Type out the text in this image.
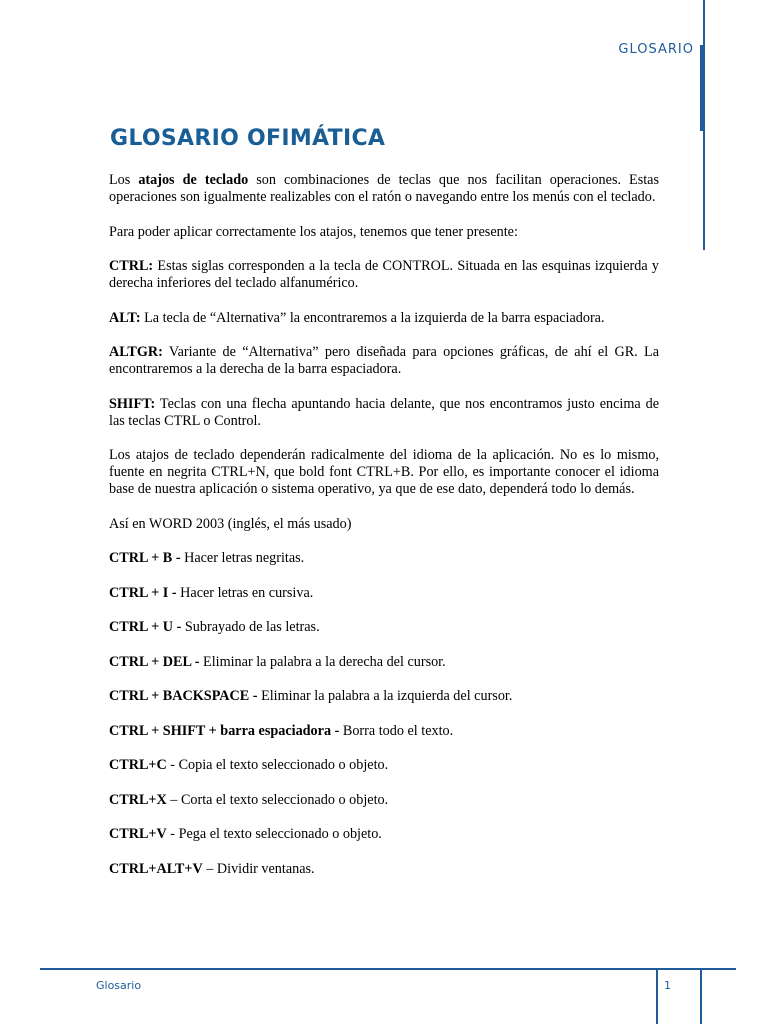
GLOSARIO
GLOSARIO OFIMÁTICA

Los atajos de teclado son combinaciones de teclas que nos facilitan operaciones. Estas operaciones son igualmente realizables con el ratón o navegando entre los menús con el teclado.

Para poder aplicar correctamente los atajos, tenemos que tener presente:

CTRL: Estas siglas corresponden a la tecla de CONTROL. Situada en las esquinas izquierda y derecha inferiores del teclado alfanumérico.

ALT: La tecla de “Alternativa” la encontraremos a la izquierda de la barra espaciadora.

ALTGR: Variante de “Alternativa” pero diseñada para opciones gráficas, de ahí el GR. La encontraremos a la derecha de la barra espaciadora.

SHIFT: Teclas con una flecha apuntando hacia delante, que nos encontramos justo encima de las teclas CTRL o Control.

Los atajos de teclado dependerán radicalmente del idioma de la aplicación. No es lo mismo, fuente en negrita CTRL+N, que bold font CTRL+B. Por ello, es importante conocer el idioma base de nuestra aplicación o sistema operativo, ya que de ese dato, dependerá todo lo demás.

Así en WORD 2003 (inglés, el más usado)

CTRL + B - Hacer letras negritas.

CTRL + I - Hacer letras en cursiva.

CTRL + U - Subrayado de las letras.

CTRL + DEL - Eliminar la palabra a la derecha del cursor.

CTRL + BACKSPACE - Eliminar la palabra a la izquierda del cursor.

CTRL + SHIFT + barra espaciadora - Borra todo el texto.

CTRL+C - Copia el texto seleccionado o objeto.

CTRL+X – Corta el texto seleccionado o objeto.

CTRL+V - Pega el texto seleccionado o objeto.

CTRL+ALT+V – Dividir ventanas.

Glosario	1
